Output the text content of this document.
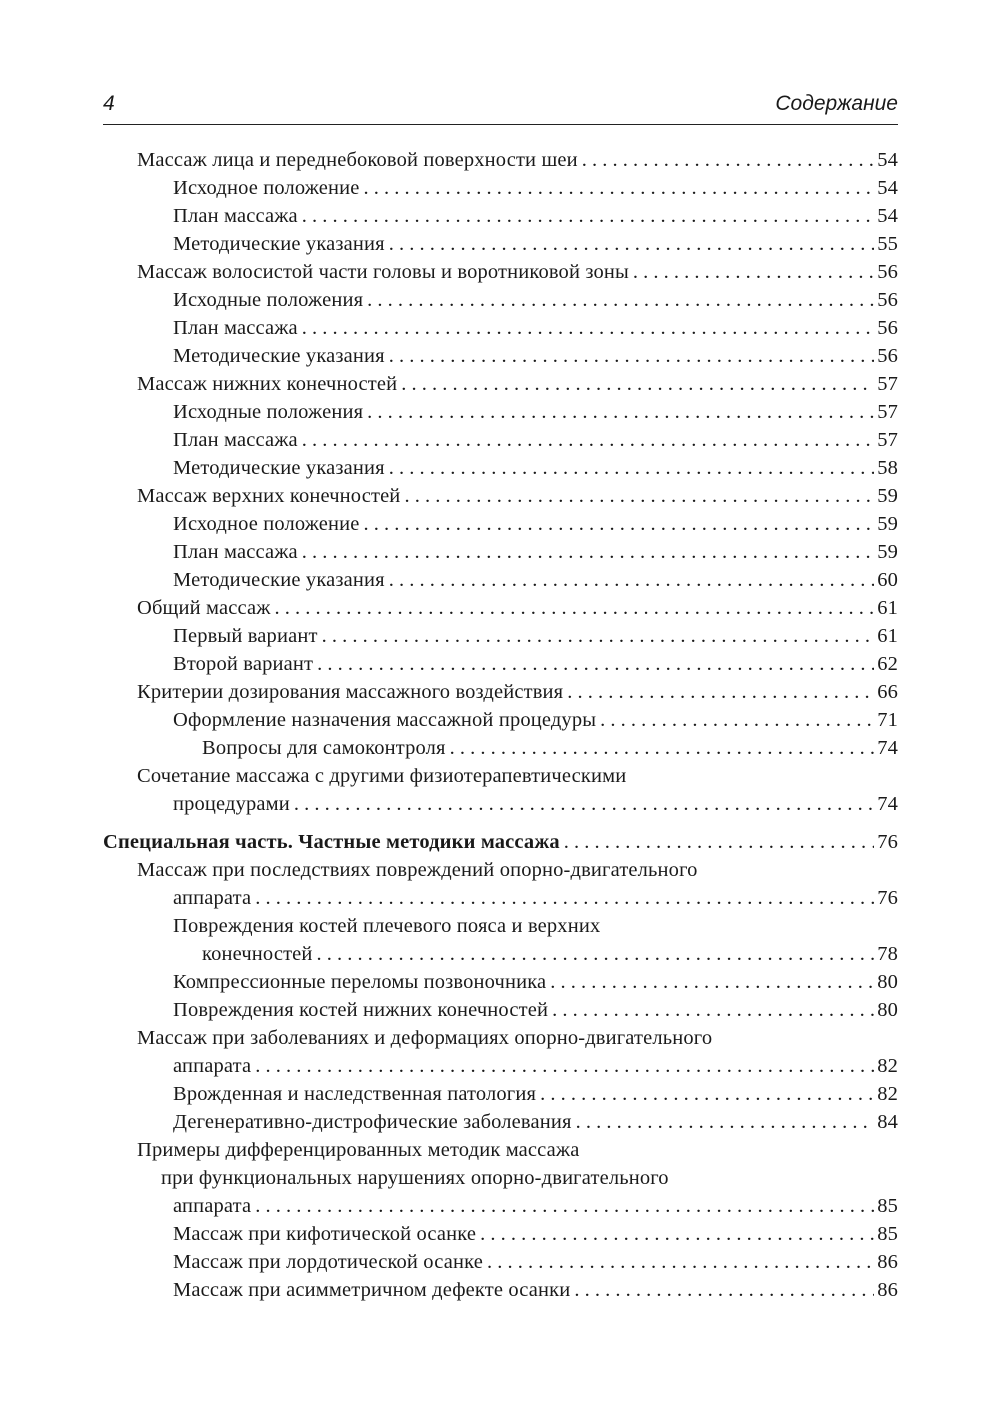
4	Содержание
Массаж лица и переднебоковой поверхности шеи . . .	54
Исходное положение . . .	54
План массажа . . .	54
Методические указания . . .	55
Массаж волосистой части головы и воротниковой зоны . . .	56
Исходные положения . . .	56
План массажа . . .	56
Методические указания . . .	56
Массаж нижних конечностей . . .	57
Исходные положения . . .	57
План массажа . . .	57
Методические указания . . .	58
Массаж верхних конечностей . . .	59
Исходное положение . . .	59
План массажа . . .	59
Методические указания . . .	60
Общий массаж . . .	61
Первый вариант . . .	61
Второй вариант . . .	62
Критерии дозирования массажного воздействия . . .	66
Оформление назначения массажной процедуры . . .	71
Вопросы для самоконтроля . . .	74
Сочетание массажа с другими физиотерапевтическими
процедурами . . .	74
Специальная часть. Частные методики массажа . . .	76
Массаж при последствиях повреждений опорно-двигательного
аппарата . . .	76
Повреждения костей плечевого пояса и верхних
конечностей . . .	78
Компрессионные переломы позвоночника . . .	80
Повреждения костей нижних конечностей . . .	80
Массаж при заболеваниях и деформациях опорно-двигательного
аппарата . . .	82
Врожденная и наследственная патология . . .	82
Дегенеративно-дистрофические заболевания . . .	84
Примеры дифференцированных методик массажа
при функциональных нарушениях опорно-двигательного
аппарата . . .	85
Массаж при кифотической осанке . . .	85
Массаж при лордотической осанке . . .	86
Массаж при асимметричном дефекте осанки . . .	86
